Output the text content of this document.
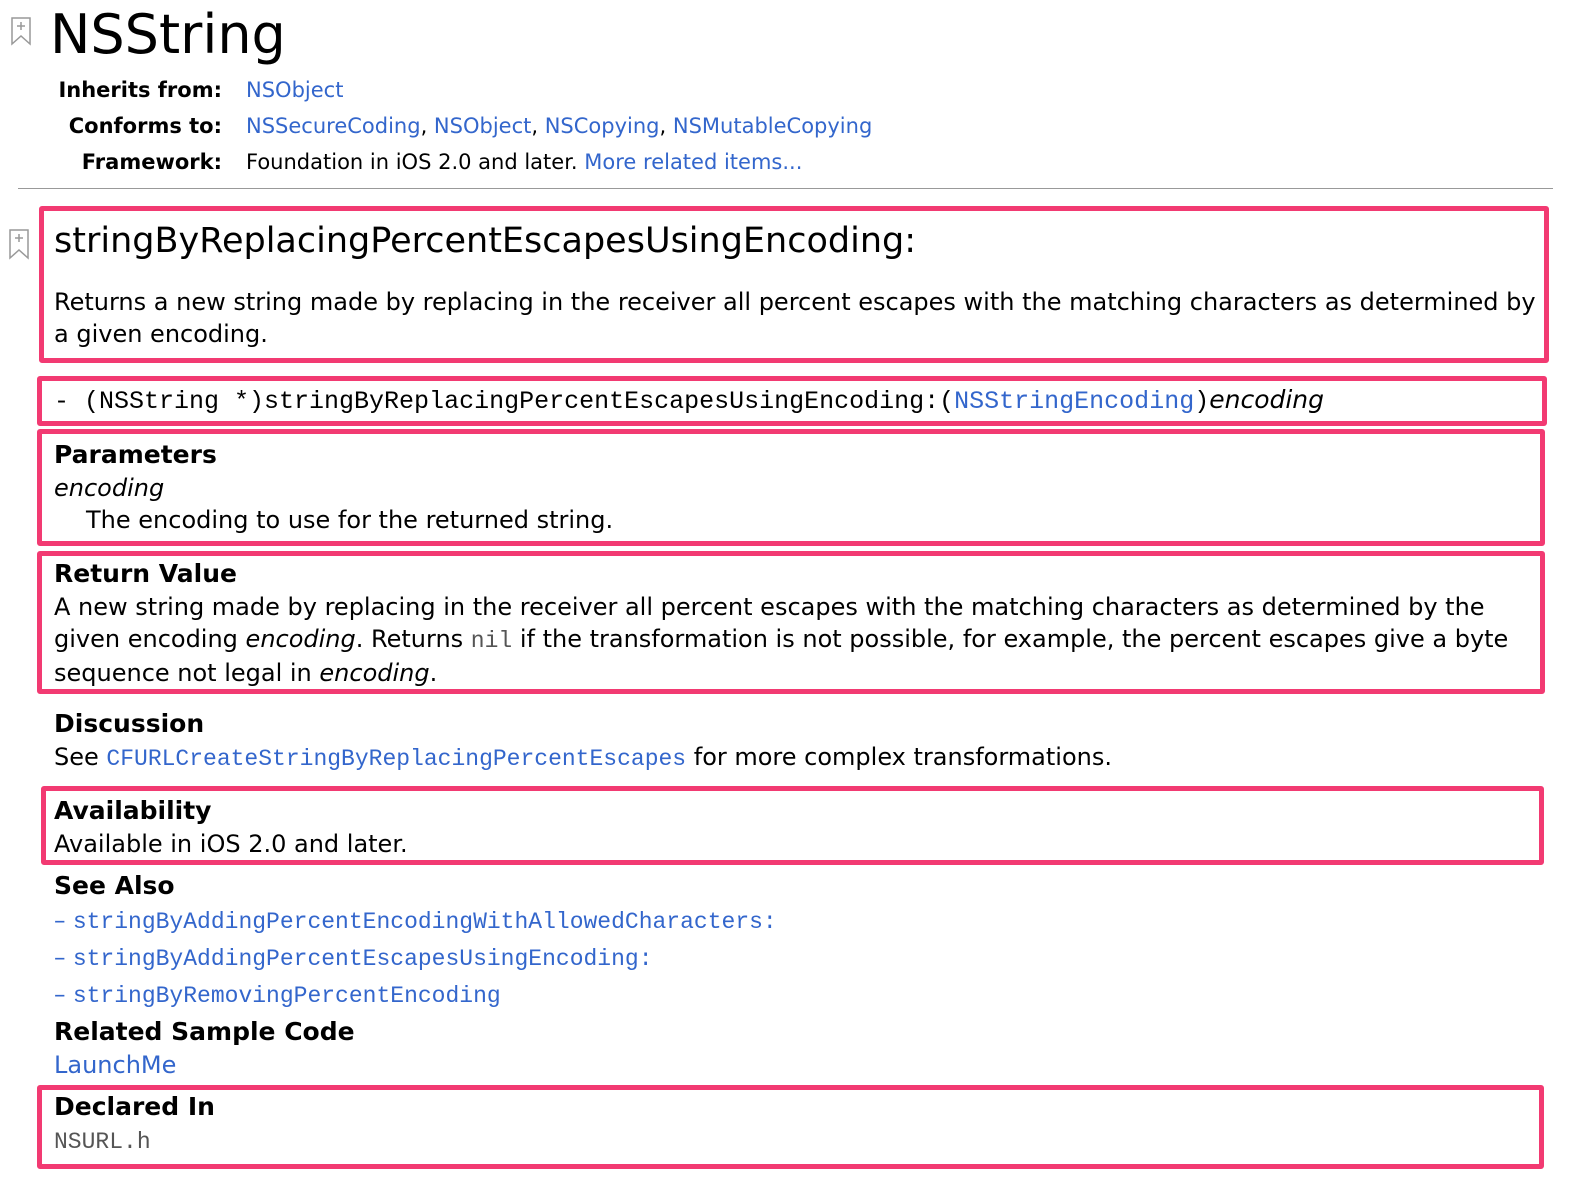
NSString
Inherits from:	NSObject
Conforms to:	NSSecureCoding, NSObject, NSCopying, NSMutableCopying
Framework:	Foundation in iOS 2.0 and later. More related items...
stringByReplacingPercentEscapesUsingEncoding:
Returns a new string made by replacing in the receiver all percent escapes with the matching characters as determined by a given encoding.
- (NSString *)stringByReplacingPercentEscapesUsingEncoding:(NSStringEncoding)encoding
Parameters
encoding
The encoding to use for the returned string.
Return Value
A new string made by replacing in the receiver all percent escapes with the matching characters as determined by the given encoding encoding. Returns nil if the transformation is not possible, for example, the percent escapes give a byte sequence not legal in encoding.
Discussion
See CFURLCreateStringByReplacingPercentEscapes for more complex transformations.
Availability
Available in iOS 2.0 and later.
See Also
– stringByAddingPercentEncodingWithAllowedCharacters:
– stringByAddingPercentEscapesUsingEncoding:
– stringByRemovingPercentEncoding
Related Sample Code
LaunchMe
Declared In
NSURL.h
